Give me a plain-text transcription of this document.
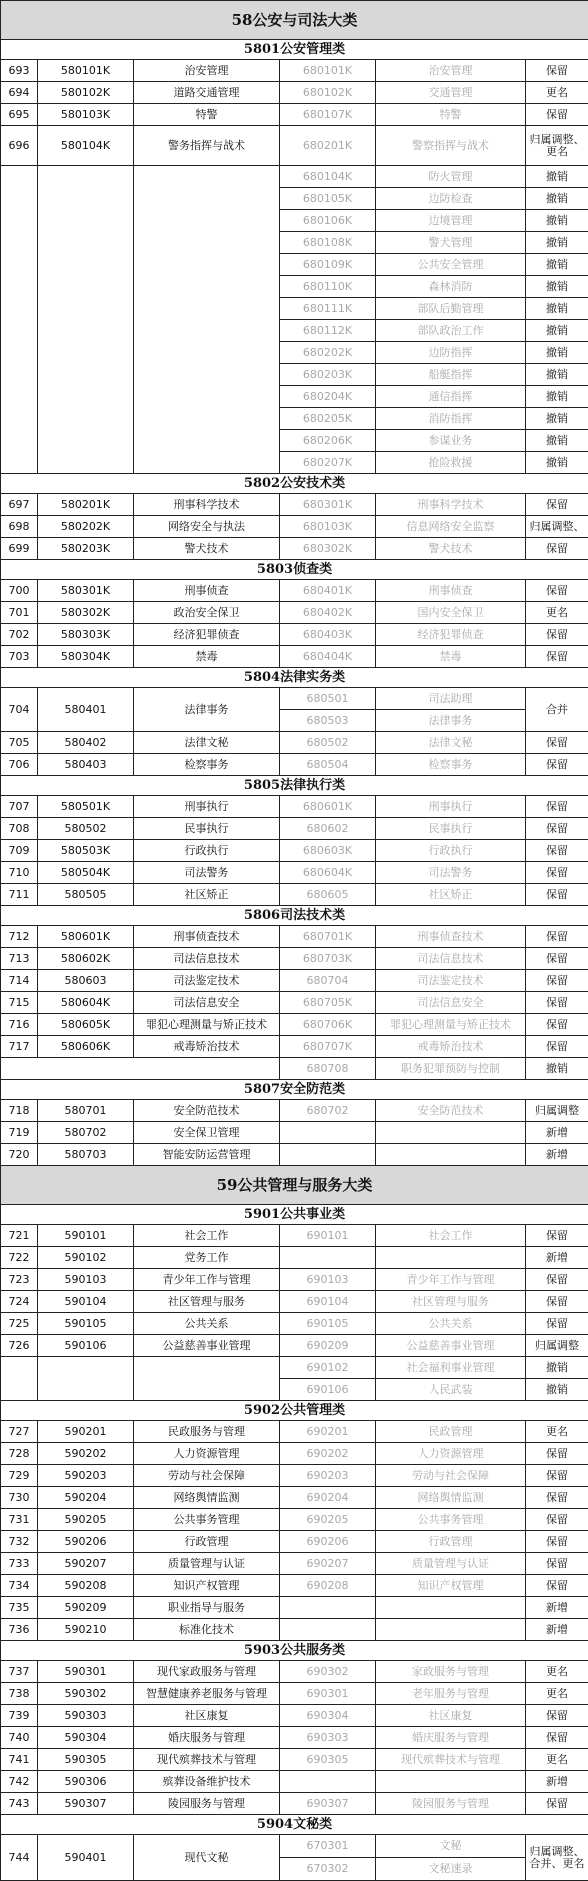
58公安与司法大类					
5801公安管理类					
693	580101K	治安管理	680101K	治安管理	保留
694	580102K	道路交通管理	680102K	交通管理	更名
695	580103K	特警	680107K	特警	保留
696	580104K	警务指挥与战术	680201K	警察指挥与战术	归属调整、更名
			680104K	防火管理	撤销
			680105K	边防检查	撤销
			680106K	边境管理	撤销
			680108K	警犬管理	撤销
			680109K	公共安全管理	撤销
			680110K	森林消防	撤销
			680111K	部队后勤管理	撤销
			680112K	部队政治工作	撤销
			680202K	边防指挥	撤销
			680203K	船艇指挥	撤销
			680204K	通信指挥	撤销
			680205K	消防指挥	撤销
			680206K	参谋业务	撤销
			680207K	抢险救援	撤销
5802公安技术类					
697	580201K	刑事科学技术	680301K	刑事科学技术	保留
698	580202K	网络安全与执法	680103K	信息网络安全监察	归属调整、
699	580203K	警犬技术	680302K	警犬技术	保留
5803侦查类					
700	580301K	刑事侦查	680401K	刑事侦查	保留
701	580302K	政治安全保卫	680402K	国内安全保卫	更名
702	580303K	经济犯罪侦查	680403K	经济犯罪侦查	保留
703	580304K	禁毒	680404K	禁毒	保留
5804法律实务类					
704	580401	法律事务	680501	司法助理	合并
			680503	法律事务	
705	580402	法律文秘	680502	法律文秘	保留
706	580403	检察事务	680504	检察事务	保留
5805法律执行类					
707	580501K	刑事执行	680601K	刑事执行	保留
708	580502	民事执行	680602	民事执行	保留
709	580503K	行政执行	680603K	行政执行	保留
710	580504K	司法警务	680604K	司法警务	保留
711	580505	社区矫正	680605	社区矫正	保留
5806司法技术类					
712	580601K	刑事侦查技术	680701K	刑事侦查技术	保留
713	580602K	司法信息技术	680703K	司法信息技术	保留
714	580603	司法鉴定技术	680704	司法鉴定技术	保留
715	580604K	司法信息安全	680705K	司法信息安全	保留
716	580605K	罪犯心理测量与矫正技术	680706K	罪犯心理测量与矫正技术	保留
717	580606K	戒毒矫治技术	680707K	戒毒矫治技术	保留
			680708	职务犯罪预防与控制	撤销
5807安全防范类					
718	580701	安全防范技术	680702	安全防范技术	归属调整
719	580702	安全保卫管理			新增
720	580703	智能安防运营管理			新增
59公共管理与服务大类					
5901公共事业类					
721	590101	社会工作	690101	社会工作	保留
722	590102	党务工作			新增
723	590103	青少年工作与管理	690103	青少年工作与管理	保留
724	590104	社区管理与服务	690104	社区管理与服务	保留
725	590105	公共关系	690105	公共关系	保留
726	590106	公益慈善事业管理	690209	公益慈善事业管理	归属调整
			690102	社会福利事业管理	撤销
			690106	人民武装	撤销
5902公共管理类					
727	590201	民政服务与管理	690201	民政管理	更名
728	590202	人力资源管理	690202	人力资源管理	保留
729	590203	劳动与社会保障	690203	劳动与社会保障	保留
730	590204	网络舆情监测	690204	网络舆情监测	保留
731	590205	公共事务管理	690205	公共事务管理	保留
732	590206	行政管理	690206	行政管理	保留
733	590207	质量管理与认证	690207	质量管理与认证	保留
734	590208	知识产权管理	690208	知识产权管理	保留
735	590209	职业指导与服务			新增
736	590210	标准化技术			新增
5903公共服务类					
737	590301	现代家政服务与管理	690302	家政服务与管理	更名
738	590302	智慧健康养老服务与管理	690301	老年服务与管理	更名
739	590303	社区康复	690304	社区康复	保留
740	590304	婚庆服务与管理	690303	婚庆服务与管理	保留
741	590305	现代殡葬技术与管理	690305	现代殡葬技术与管理	更名
742	590306	殡葬设备维护技术			新增
743	590307	陵园服务与管理	690307	陵园服务与管理	保留
5904文秘类					
744	590401	现代文秘	670301	文秘	归属调整、合并、更名
			670302	文秘速录	
